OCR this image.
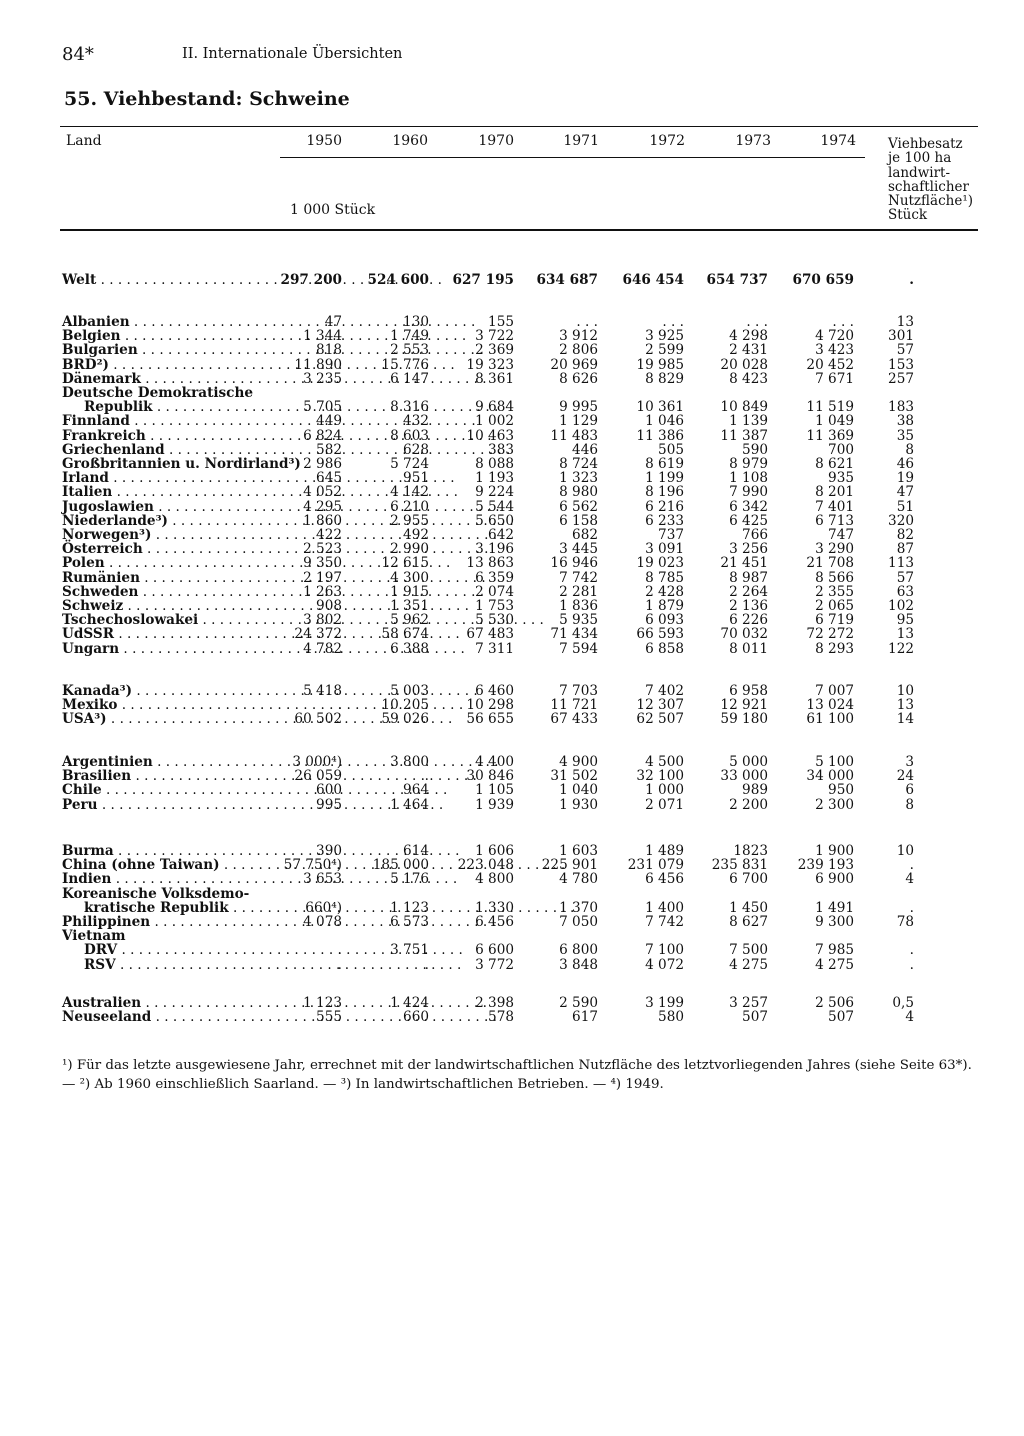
84*	II. Internationale Übersichten
55. Viehbestand: Schweine
Land	1950	1960	1970	1971	1972	1973	1974
1 000 Stück
Viehbesatz
je 100 ha
landwirt-
schaftlicher
Nutzfläche¹)
Stück
Welt . . .	297 200	524 600	627 195	634 687	646 454	654 737	670 659	.
Albanien . . .	47	130	155	. . .	. . .	. . .	. . .	13
Belgien . . .	1 344	1 749	3 722	3 912	3 925	4 298	4 720	301
Bulgarien . . .	818	2 553	2 369	2 806	2 599	2 431	3 423	57
BRD²) . . .	11 890	15 776	19 323	20 969	19 985	20 028	20 452	153
Dänemark . . .	3 235	6 147	8 361	8 626	8 829	8 423	7 671	257
Deutsche Demokratische
Republik . . .	5 705	8 316	9 684	9 995	10 361	10 849	11 519	183
Finnland . . .	449	432	1 002	1 129	1 046	1 139	1 049	38
Frankreich . . .	6 824	8 603	10 463	11 483	11 386	11 387	11 369	35
Griechenland . . .	582	628	383	446	505	590	700	8
Großbritannien u. Nordirland³) 2 986	5 724	8 088	8 724	8 619	8 979	8 621	46
Irland . . .	645	951	1 193	1 323	1 199	1 108	935	19
Italien . . .	4 052	4 142	9 224	8 980	8 196	7 990	8 201	47
Jugoslawien . . .	4 295	6 210	5 544	6 562	6 216	6 342	7 401	51
Niederlande³) . . .	1 860	2 955	5 650	6 158	6 233	6 425	6 713	320
Norwegen³) . . .	422	492	642	682	737	766	747	82
Österreich . . .	2 523	2 990	3 196	3 445	3 091	3 256	3 290	87
Polen . . .	9 350	12 615	13 863	16 946	19 023	21 451	21 708	113
Rumänien . . .	2 197	4 300	6 359	7 742	8 785	8 987	8 566	57
Schweden . . .	1 263	1 915	2 074	2 281	2 428	2 264	2 355	63
Schweiz . . .	908	1 351	1 753	1 836	1 879	2 136	2 065	102
Tschechoslowakei . . .	3 802	5 962	5 530	5 935	6 093	6 226	6 719	95
UdSSR . . .	24 372	58 674	67 483	71 434	66 593	70 032	72 272	13
Ungarn . . .	4 782	6 388	7 311	7 594	6 858	8 011	8 293	122
Kanada³) . . .	5 418	5 003	6 460	7 703	7 402	6 958	7 007	10
Mexiko . . .	.	10 205	10 298	11 721	12 307	12 921	13 024	13
USA³) . . .	60 502	59 026	56 655	67 433	62 507	59 180	61 100	14
Argentinien . . .	3 000⁴)	3 800	4 400	4 900	4 500	5 000	5 100	3
Brasilien . . .	26 059	.	30 846	31 502	32 100	33 000	34 000	24
Chile . . .	600	964	1 105	1 040	1 000	989	950	6
Peru . . .	995	1 464	1 939	1 930	2 071	2 200	2 300	8
Burma . . .	390	614	1 606	1 603	1 489	1823	1 900	10
China (ohne Taiwan) . . .	57 750⁴)	185 000	223 048	225 901	231 079	235 831	239 193	.
Indien . . .	3 653	5 176	4 800	4 780	6 456	6 700	6 900	4
Koreanische Volksdemo-
kratische Republik . . .	660⁴)	1 123	1 330	1 370	1 400	1 450	1 491	.
Philippinen . . .	4 078	6 573	6 456	7 050	7 742	8 627	9 300	78
Vietnam
DRV . . .	.	3 751	6 600	6 800	7 100	7 500	7 985	.
RSV . . .	.	.	3 772	3 848	4 072	4 275	4 275	.
Australien . . .	1 123	1 424	2 398	2 590	3 199	3 257	2 506	0,5
Neuseeland . . .	555	660	578	617	580	507	507	4
¹) Für das letzte ausgewiesene Jahr, errechnet mit der landwirtschaftlichen Nutzfläche des letztvorliegenden Jahres (siehe Seite 63*).
— ²) Ab 1960 einschließlich Saarland. — ³) In landwirtschaftlichen Betrieben. — ⁴) 1949.
